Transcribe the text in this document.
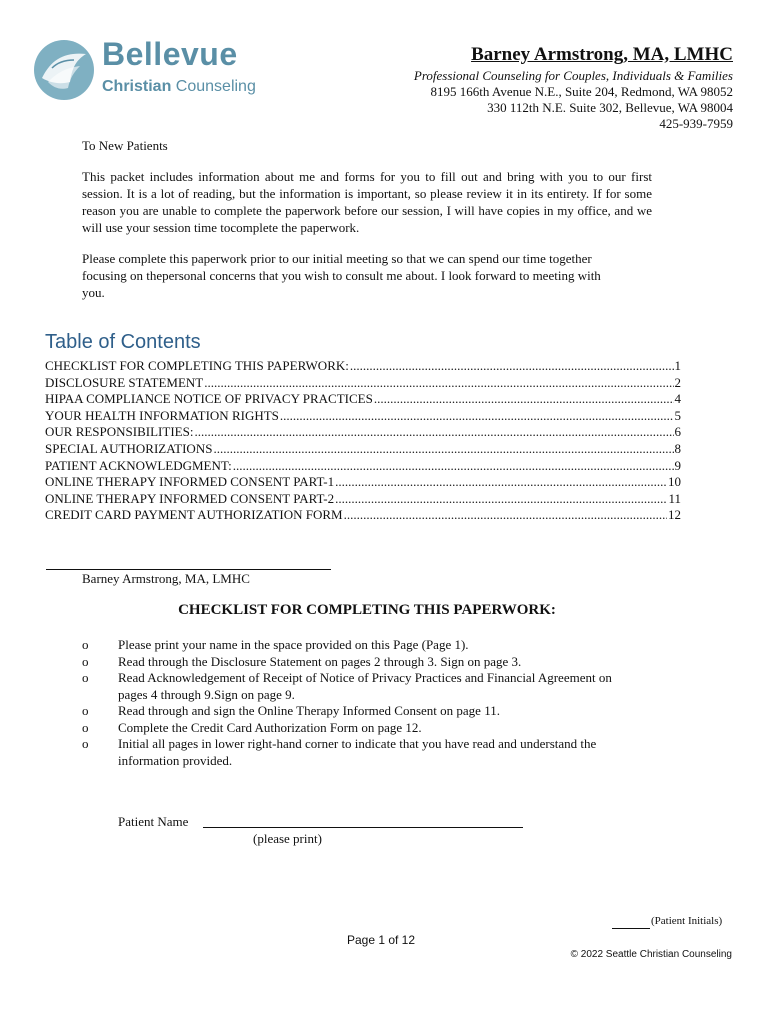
Bellevue
Christian Counseling
Barney Armstrong, MA, LMHC
Professional Counseling for Couples, Individuals & Families
8195 166th Avenue N.E., Suite 204, Redmond, WA 98052
330 112th N.E. Suite 302, Bellevue, WA 98004
425-939-7959
To New Patients
This packet includes information about me and forms for you to fill out and bring with you to our first session. It is a lot of reading, but the information is important, so please review it in its entirety. If for some reason you are unable to complete the paperwork before our session, I will have copies in my office, and we will use your session time tocomplete the paperwork.
Please complete this paperwork prior to our initial meeting so that we can spend our time together focusing on thepersonal concerns that you wish to consult me about. I look forward to meeting with you.
Table of Contents
CHECKLIST FOR COMPLETING THIS PAPERWORK: .....	1
DISCLOSURE STATEMENT .....	2
HIPAA COMPLIANCE NOTICE OF PRIVACY PRACTICES .....	4
YOUR HEALTH INFORMATION RIGHTS .....	5
OUR RESPONSIBILITIES: .....	6
SPECIAL AUTHORIZATIONS .....	8
PATIENT ACKNOWLEDGMENT: .....	9
ONLINE THERAPY INFORMED CONSENT PART-1 .....	10
ONLINE THERAPY INFORMED CONSENT PART-2 .....	11
CREDIT CARD PAYMENT AUTHORIZATION FORM .....	12
Barney Armstrong, MA, LMHC
CHECKLIST FOR COMPLETING THIS PAPERWORK:
o	Please print your name in the space provided on this Page (Page 1).
o	Read through the Disclosure Statement on pages 2 through 3. Sign on page 3.
o	Read Acknowledgement of Receipt of Notice of Privacy Practices and Financial Agreement on pages 4 through 9.Sign on page 9.
o	Read through and sign the Online Therapy Informed Consent on page 11.
o	Complete the Credit Card Authorization Form on page 12.
o	Initial all pages in lower right-hand corner to indicate that you have read and understand the information provided.
Patient Name
(please print)
(Patient Initials)
Page 1 of 12
© 2022 Seattle Christian Counseling
